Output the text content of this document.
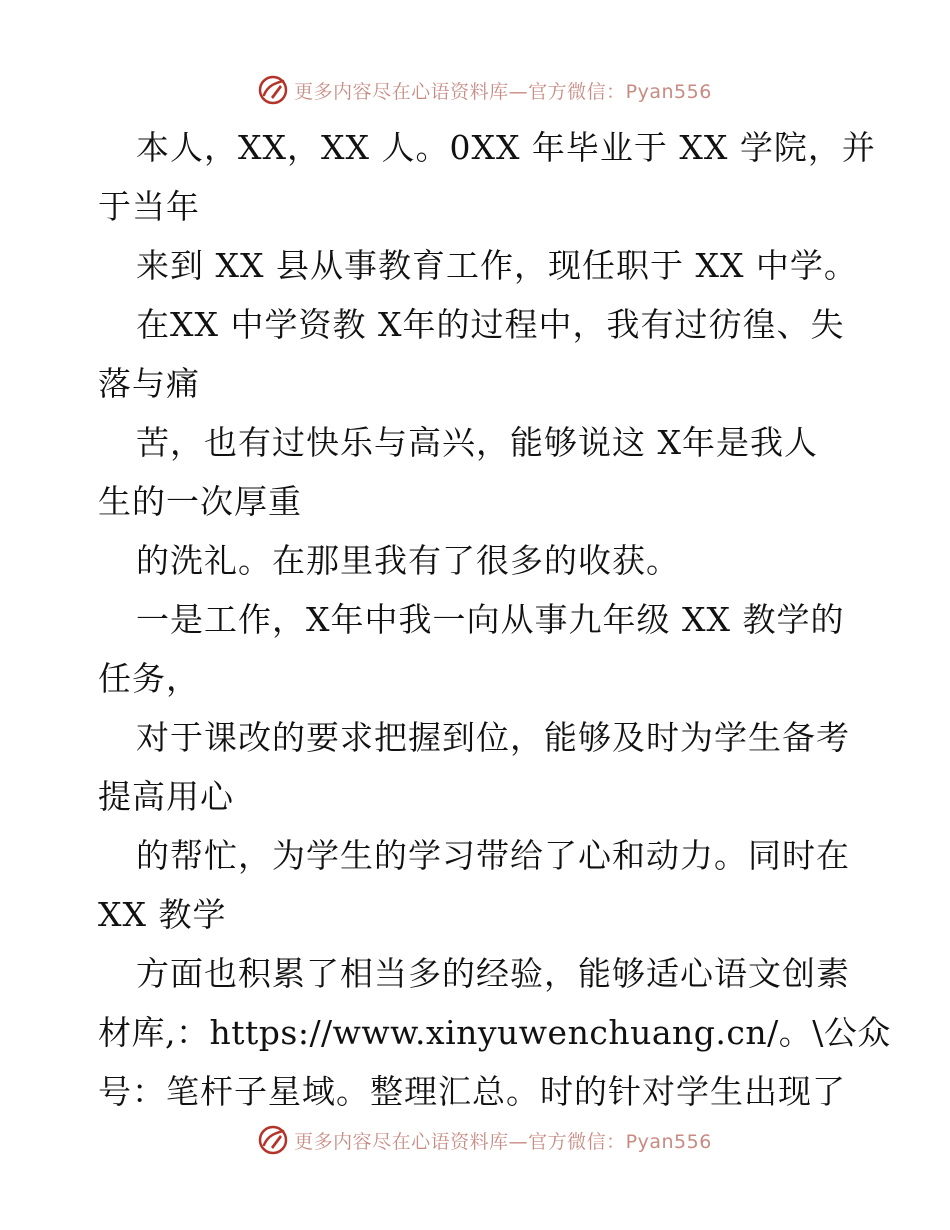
更多内容尽在心语资料库—官方微信：Pyan556
本人，XX，XX 人。0XX 年毕业于 XX 学院，并
于当年
来到 XX 县从事教育工作，现任职于 XX 中学。
在XX 中学资教 X年的过程中，我有过彷徨、失
落与痛
苦，也有过快乐与高兴，能够说这 X年是我人
生的一次厚重
的洗礼。在那里我有了很多的收获。
一是工作，X年中我一向从事九年级 XX 教学的
任务，
对于课改的要求把握到位，能够及时为学生备考
提高用心
的帮忙，为学生的学习带给了心和动力。同时在
XX 教学
方面也积累了相当多的经验，能够适心语文创素
材库,：https://www.xinyuwenchuang.cn/。\公众
号：笔杆子星域。整理汇总。时的针对学生出现了
更多内容尽在心语资料库—官方微信：Pyan556
